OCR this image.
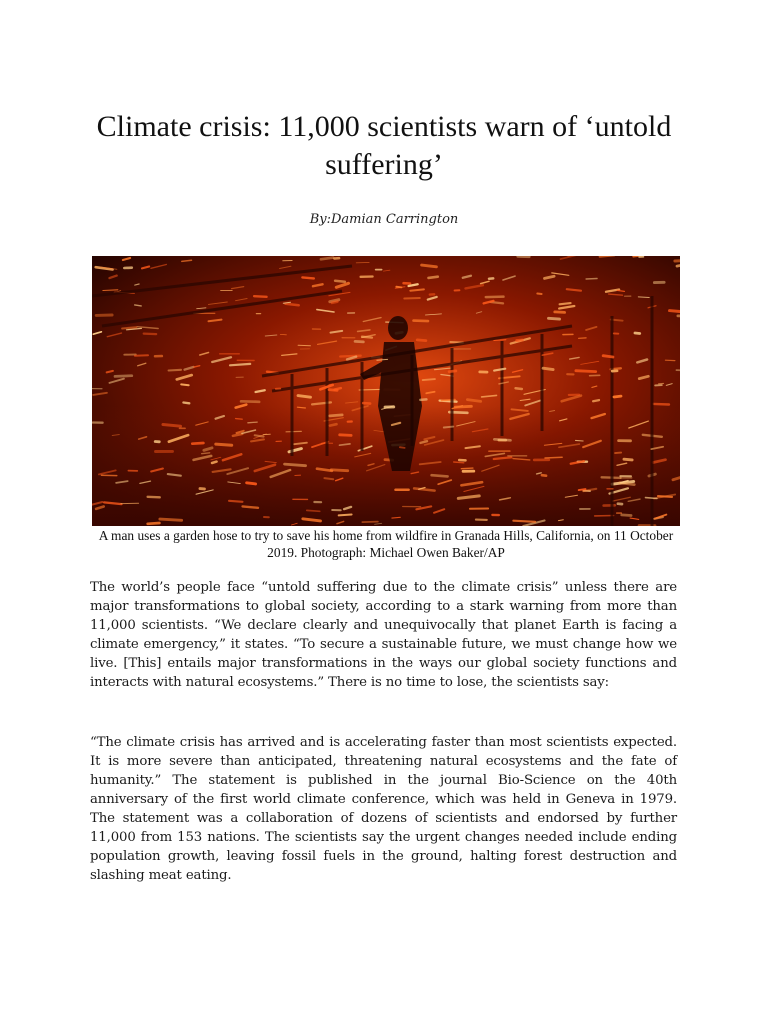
Climate crisis: 11,000 scientists warn of ‘untold suffering’
By:Damian Carrington
A man uses a garden hose to try to save his home from wildfire in Granada Hills, California, on 11 October 2019. Photograph: Michael Owen Baker/AP

The world’s people face “untold suffering due to the climate crisis” unless there are major transformations to global society, according to a stark warning from more than 11,000 scientists. “We declare clearly and unequivocally that planet Earth is facing a climate emergency,” it states. “To secure a sustainable future, we must change how we live. [This] entails major transformations in the ways our global society functions and interacts with natural ecosystems.” There is no time to lose, the scientists say:

“The climate crisis has arrived and is accelerating faster than most scientists expected. It is more severe than anticipated, threatening natural ecosystems and the fate of humanity.” The statement is published in the journal Bio-Science on the 40th anniversary of the first world climate conference, which was held in Geneva in 1979. The statement was a collaboration of dozens of scientists and endorsed by further 11,000 from 153 nations. The scientists say the urgent changes needed include ending population growth, leaving fossil fuels in the ground, halting forest destruction and slashing meat eating.
